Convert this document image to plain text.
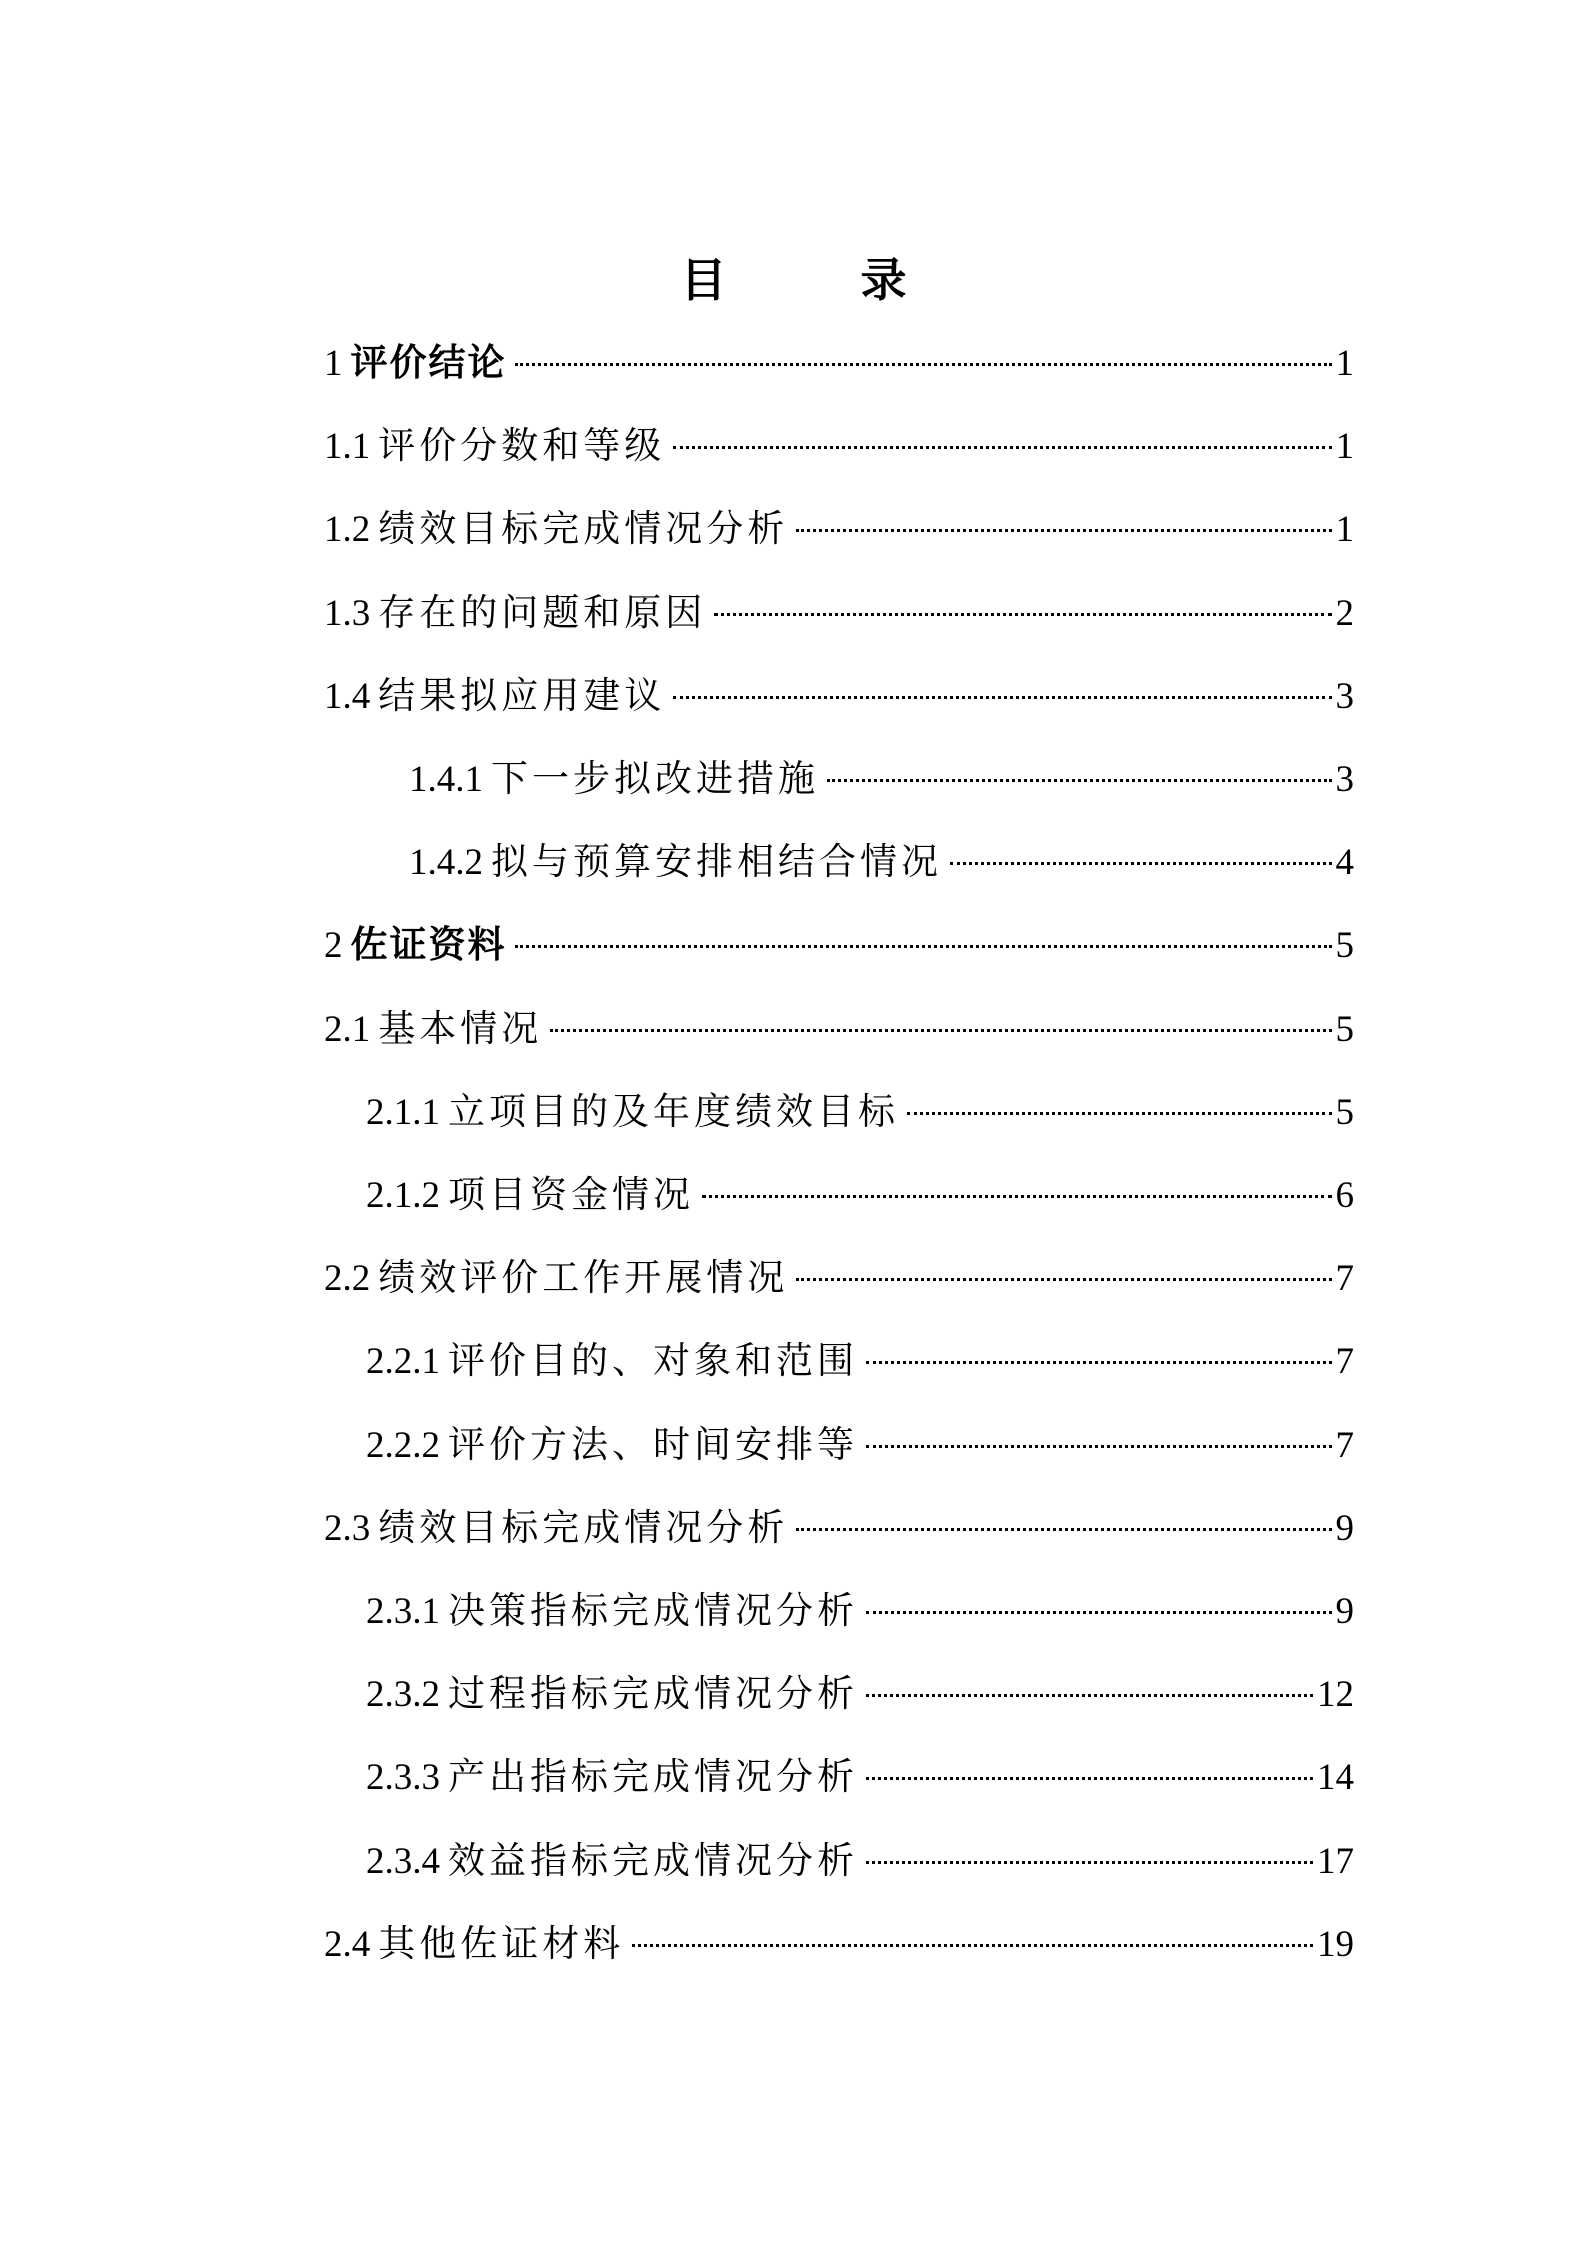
目　录
1 评价结论	1
1.1 评价分数和等级	1
1.2 绩效目标完成情况分析	1
1.3 存在的问题和原因	2
1.4 结果拟应用建议	3
1.4.1 下一步拟改进措施	3
1.4.2 拟与预算安排相结合情况	4
2 佐证资料	5
2.1 基本情况	5
2.1.1 立项目的及年度绩效目标	5
2.1.2 项目资金情况	6
2.2 绩效评价工作开展情况	7
2.2.1 评价目的、对象和范围	7
2.2.2 评价方法、时间安排等	7
2.3 绩效目标完成情况分析	9
2.3.1 决策指标完成情况分析	9
2.3.2 过程指标完成情况分析	12
2.3.3 产出指标完成情况分析	14
2.3.4 效益指标完成情况分析	17
2.4 其他佐证材料	19
